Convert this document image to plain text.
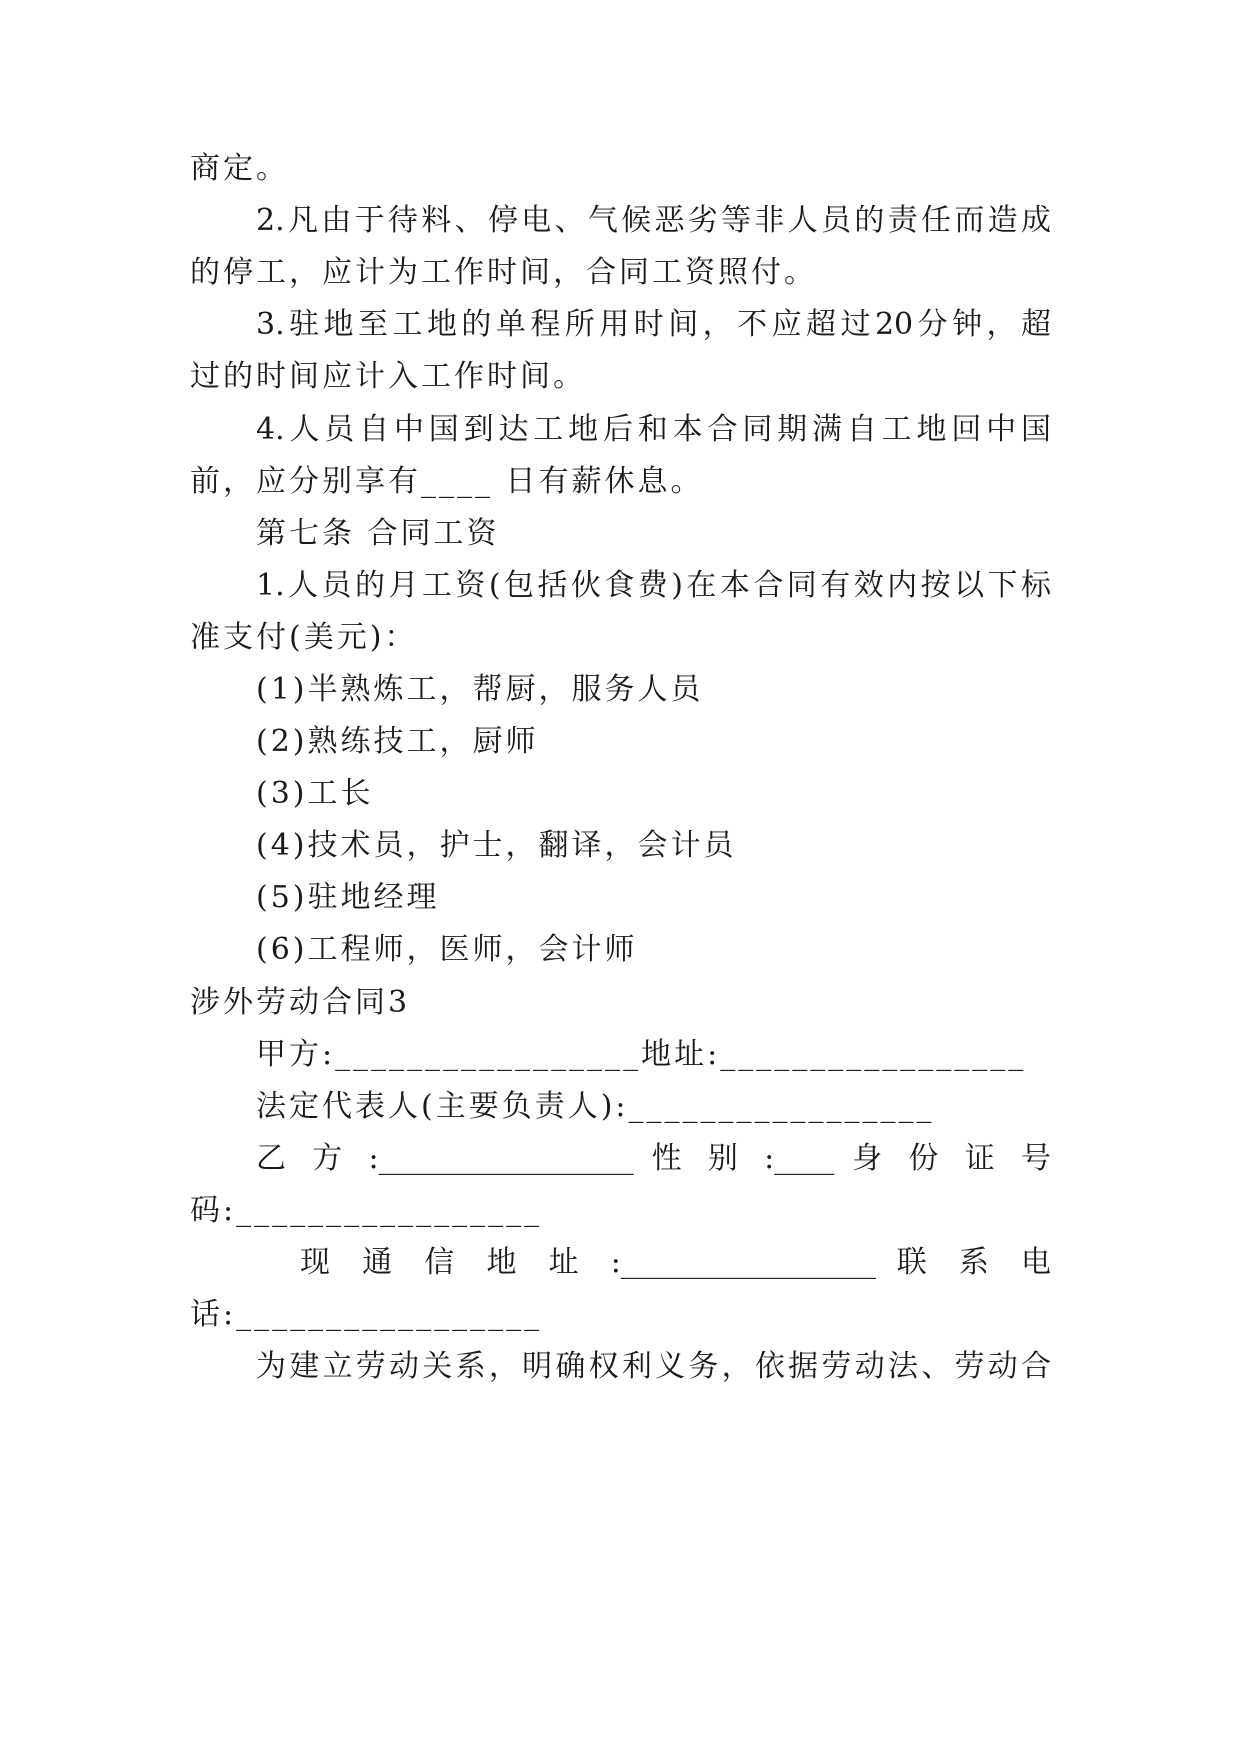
商定。
2.凡由于待料、停电、气候恶劣等非人员的责任而造成
的停工，应计为工作时间，合同工资照付。
3.驻地至工地的单程所用时间，不应超过20分钟，超
过的时间应计入工作时间。
4.人员自中国到达工地后和本合同期满自工地回中国
前，应分别享有____ 日有薪休息。
第七条 合同工资
1.人员的月工资(包括伙食费)在本合同有效内按以下标
准支付(美元)：
(1)半熟炼工，帮厨，服务人员
(2)熟练技工，厨师
(3)工长
(4)技术员，护士，翻译，会计员
(5)驻地经理
(6)工程师，医师，会计师
涉外劳动合同3
甲方:_________________地址:_________________
法定代表人(主要负责人):_________________
乙 方 :_________________ 性 别 :____ 身 份 证 号
码:_________________
现 通 信 地 址 :_________________ 联 系 电
话:_________________
为建立劳动关系，明确权利义务，依据劳动法、劳动合
